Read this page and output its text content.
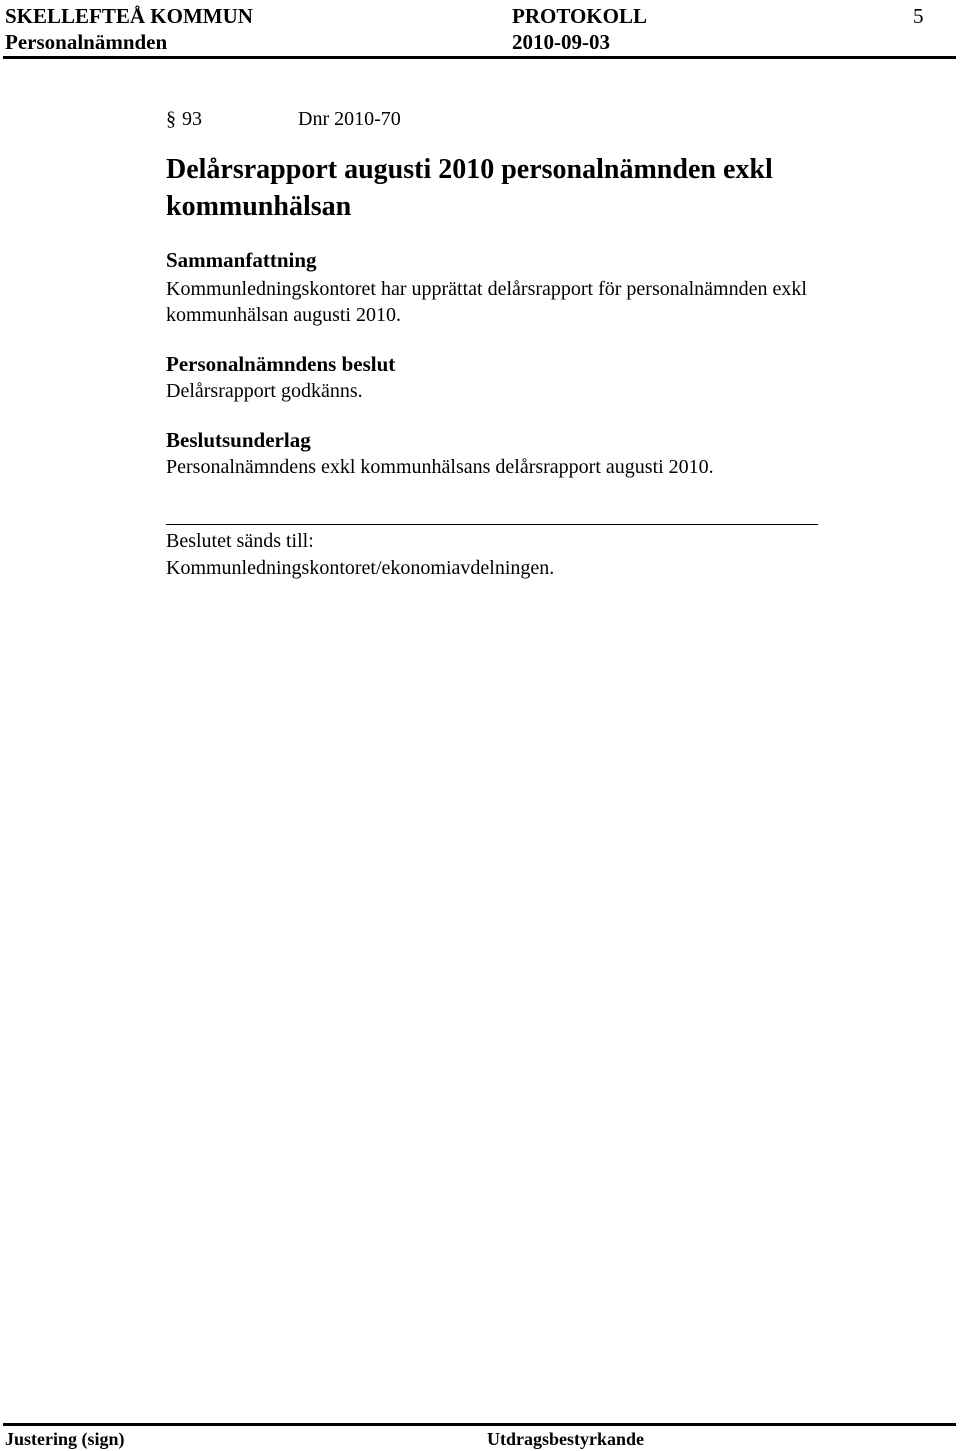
SKELLEFTEÅ KOMMUN	PROTOKOLL	5
Personalnämnden	2010-09-03
§ 93	Dnr 2010-70
Delårsrapport augusti 2010 personalnämnden exkl
kommunhälsan
Sammanfattning
Kommunledningskontoret har upprättat delårsrapport för personalnämnden exkl
kommunhälsan augusti 2010.
Personalnämndens beslut
Delårsrapport godkänns.
Beslutsunderlag
Personalnämndens exkl kommunhälsans delårsrapport augusti 2010.
Beslutet sänds till:
Kommunledningskontoret/ekonomiavdelningen.
Justering (sign)	Utdragsbestyrkande
